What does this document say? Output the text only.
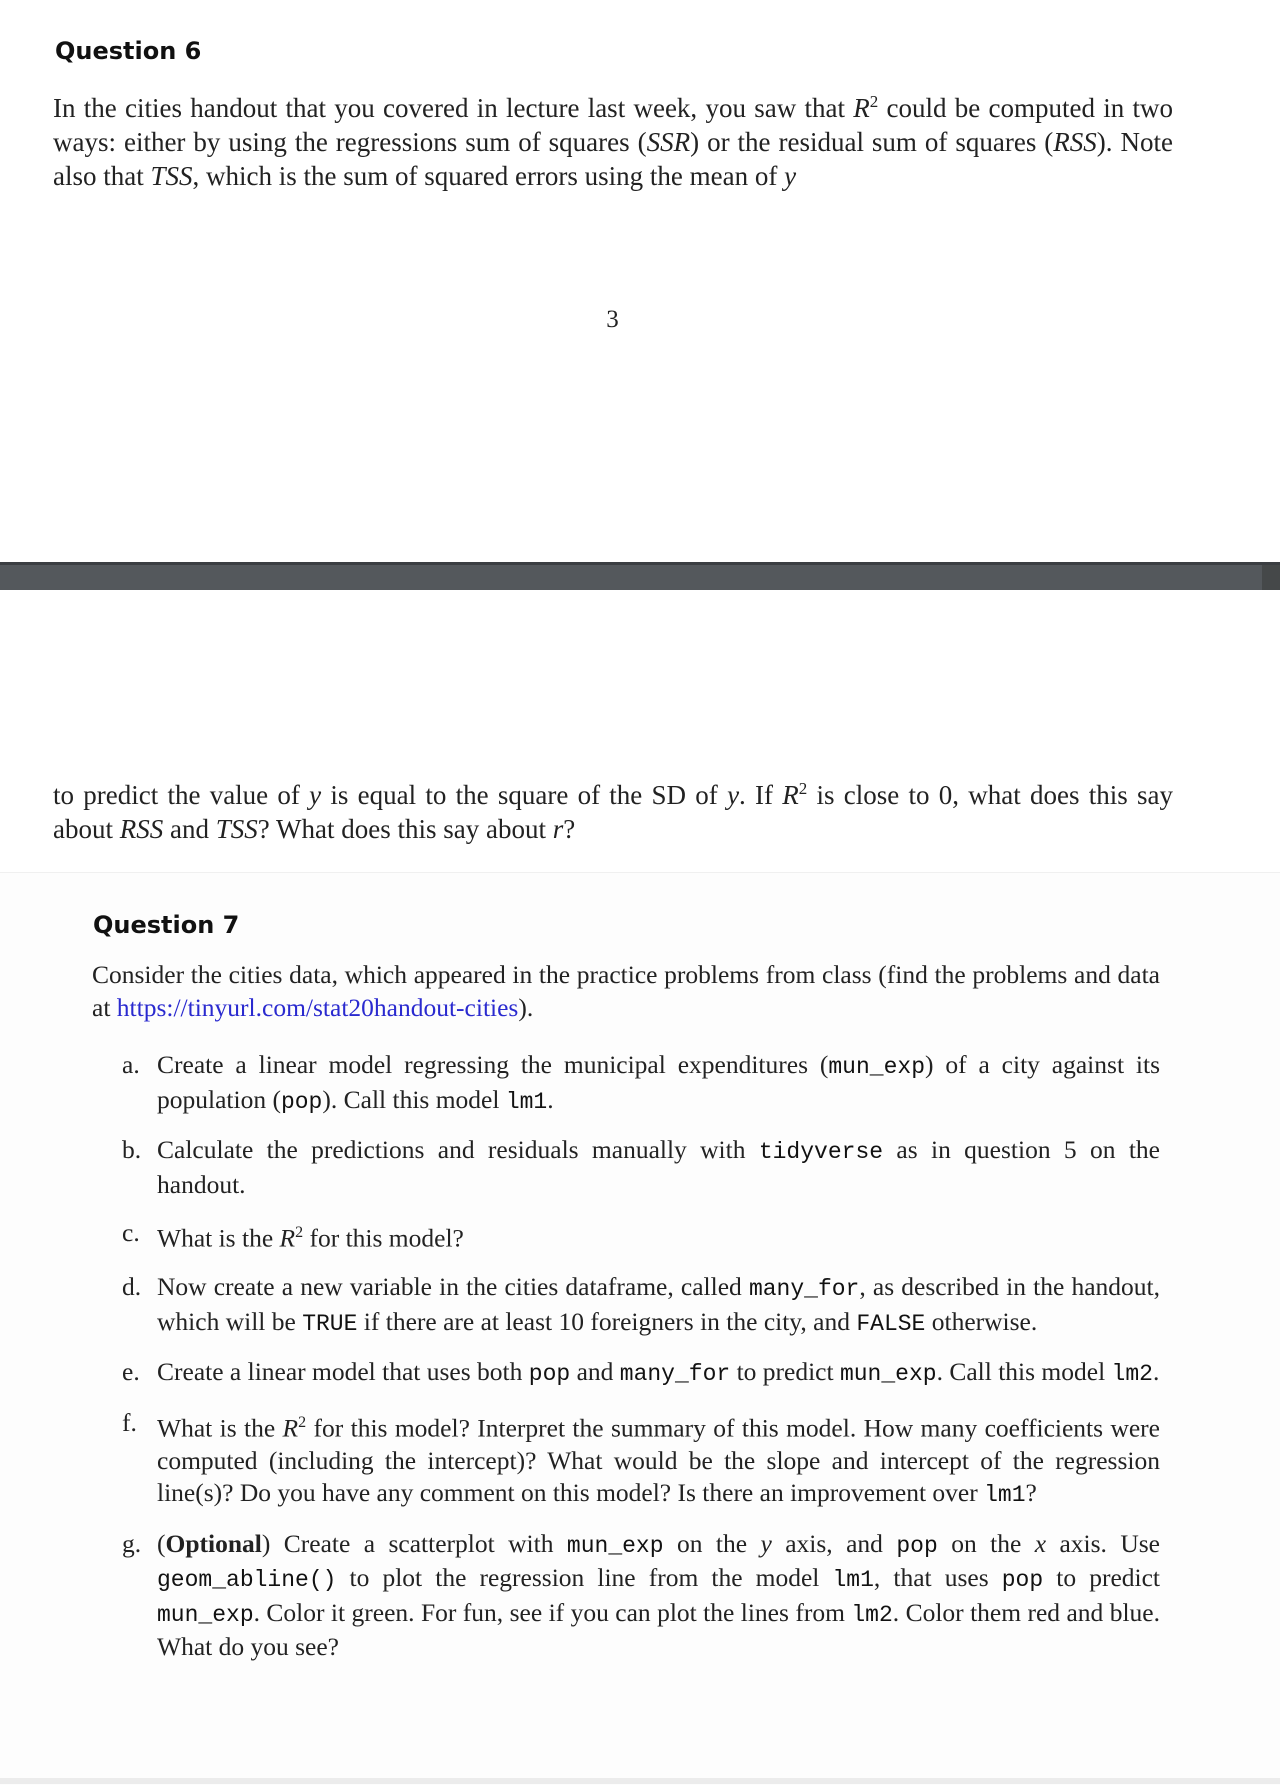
Question 6

In the cities handout that you covered in lecture last week, you saw that $R^2$ could be computed in two ways: either by using the regressions sum of squares (SSR) or the residual sum of squares (RSS). Note also that TSS, which is the sum of squared errors using the mean of y

3

to predict the value of y is equal to the square of the SD of y. If $R^2$ is close to 0, what does this say about RSS and TSS? What does this say about r?

Question 7

Consider the cities data, which appeared in the practice problems from class (find the problems and data at https://tinyurl.com/stat20handout-cities).

a. Create a linear model regressing the municipal expenditures (mun_exp) of a city against its population (pop). Call this model lm1.
b. Calculate the predictions and residuals manually with tidyverse as in question 5 on the handout.
c. What is the $R^2$ for this model?
d. Now create a new variable in the cities dataframe, called many_for, as described in the handout, which will be TRUE if there are at least 10 foreigners in the city, and FALSE otherwise.
e. Create a linear model that uses both pop and many_for to predict mun_exp. Call this model lm2.
f. What is the $R^2$ for this model? Interpret the summary of this model. How many coefficients were computed (including the intercept)? What would be the slope and intercept of the regression line(s)? Do you have any comment on this model? Is there an improvement over lm1?
g. (Optional) Create a scatterplot with mun_exp on the y axis, and pop on the x axis. Use geom_abline() to plot the regression line from the model lm1, that uses pop to predict mun_exp. Color it green. For fun, see if you can plot the lines from lm2. Color them red and blue. What do you see?
